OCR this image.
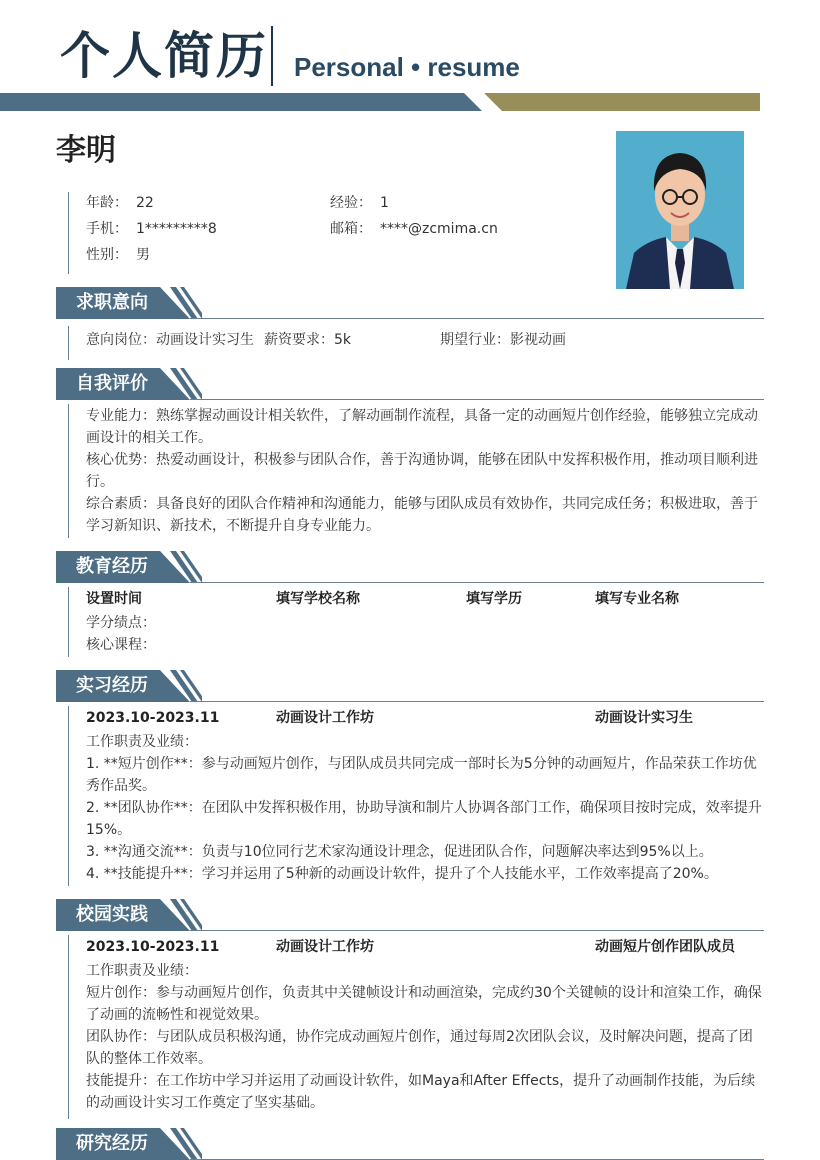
个人简历 Personal • resume
李明
年龄： 22	经验： 1
手机： 1*********8	邮箱： ****@zcmima.cn
性别： 男
求职意向
意向岗位：动画设计实习生 薪资要求：5k	期望行业：影视动画
自我评价

专业能力：熟练掌握动画设计相关软件，了解动画制作流程，具备一定的动画短片创作经验，能够独立完成动画设计的相关工作。

核心优势：热爱动画设计，积极参与团队合作，善于沟通协调，能够在团队中发挥积极作用，推动项目顺利进行。

综合素质：具备良好的团队合作精神和沟通能力，能够与团队成员有效协作，共同完成任务；积极进取，善于学习新知识、新技术，不断提升自身专业能力。

教育经历
设置时间	填写学校名称	填写学历	填写专业名称
学分绩点：
核心课程：
实习经历
2023.10-2023.11	动画设计工作坊	动画设计实习生

工作职责及业绩：

1. **短片创作**：参与动画短片创作，与团队成员共同完成一部时长为5分钟的动画短片，作品荣获工作坊优秀作品奖。

2. **团队协作**：在团队中发挥积极作用，协助导演和制片人协调各部门工作，确保项目按时完成，效率提升15%。

3. **沟通交流**：负责与10位同行艺术家沟通设计理念，促进团队合作，问题解决率达到95%以上。

4. **技能提升**：学习并运用了5种新的动画设计软件，提升了个人技能水平，工作效率提高了20%。

校园实践
2023.10-2023.11	动画设计工作坊	动画短片创作团队成员

工作职责及业绩：

短片创作：参与动画短片创作，负责其中关键帧设计和动画渲染，完成约30个关键帧的设计和渲染工作，确保了动画的流畅性和视觉效果。

团队协作：与团队成员积极沟通，协作完成动画短片创作，通过每周2次团队会议，及时解决问题，提高了团队的整体工作效率。

技能提升：在工作坊中学习并运用了动画设计软件，如Maya和After Effects，提升了动画制作技能，为后续的动画设计实习工作奠定了坚实基础。

研究经历
